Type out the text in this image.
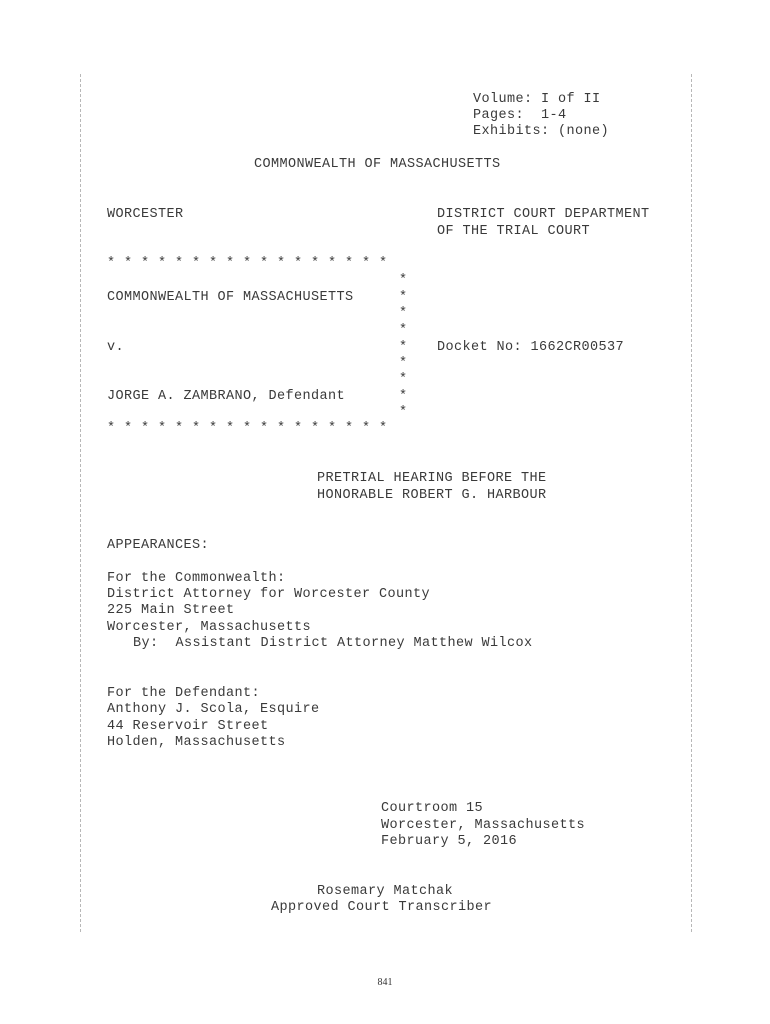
Volume: I of II
Pages:  1-4
Exhibits: (none)
COMMONWEALTH OF MASSACHUSETTS
WORCESTER	DISTRICT COURT DEPARTMENT
OF THE TRIAL COURT
* * * * * * * * * * * * * * * * *
*
COMMONWEALTH OF MASSACHUSETTS	*
*
*
v.	* Docket No: 1662CR00537
*
*
JORGE A. ZAMBRANO, Defendant	*
*
* * * * * * * * * * * * * * * * *
PRETRIAL HEARING BEFORE THE
HONORABLE ROBERT G. HARBOUR
APPEARANCES:
For the Commonwealth:
District Attorney for Worcester County
225 Main Street
Worcester, Massachusetts
By:  Assistant District Attorney Matthew Wilcox
For the Defendant:
Anthony J. Scola, Esquire
44 Reservoir Street
Holden, Massachusetts
Courtroom 15
Worcester, Massachusetts
February 5, 2016
Rosemary Matchak
Approved Court Transcriber
841
